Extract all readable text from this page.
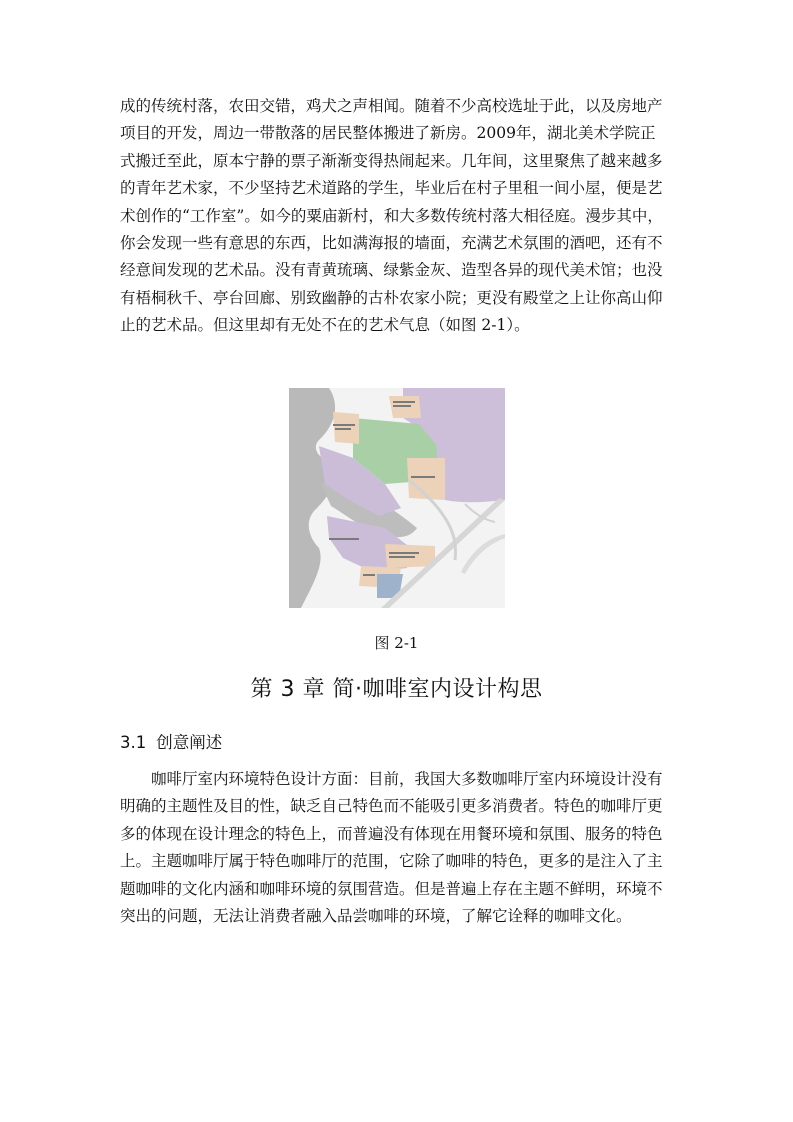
成的传统村落，农田交错，鸡犬之声相闻。随着不少高校选址于此，以及房地产

项目的开发，周边一带散落的居民整体搬进了新房。2009年，湖北美术学院正

式搬迁至此，原本宁静的票子渐渐变得热闹起来。几年间，这里聚焦了越来越多

的青年艺术家，不少坚持艺术道路的学生，毕业后在村子里租一间小屋，便是艺

术创作的“工作室”。如今的粟庙新村，和大多数传统村落大相径庭。漫步其中，

你会发现一些有意思的东西，比如满海报的墙面，充满艺术氛围的酒吧，还有不

经意间发现的艺术品。没有青黄琉璃、绿紫金灰、造型各异的现代美术馆；也没

有梧桐秋千、亭台回廊、别致幽静的古朴农家小院；更没有殿堂之上让你高山仰

止的艺术品。但这里却有无处不在的艺术气息（如图 2-1）。

图 2-1
第 3 章 简·咖啡室内设计构思
3.1 创意阐述

咖啡厅室内环境特色设计方面：目前，我国大多数咖啡厅室内环境设计没有

明确的主题性及目的性，缺乏自己特色而不能吸引更多消费者。特色的咖啡厅更

多的体现在设计理念的特色上，而普遍没有体现在用餐环境和氛围、服务的特色

上。主题咖啡厅属于特色咖啡厅的范围，它除了咖啡的特色，更多的是注入了主

题咖啡的文化内涵和咖啡环境的氛围营造。但是普遍上存在主题不鲜明，环境不

突出的问题，无法让消费者融入品尝咖啡的环境，了解它诠释的咖啡文化。
